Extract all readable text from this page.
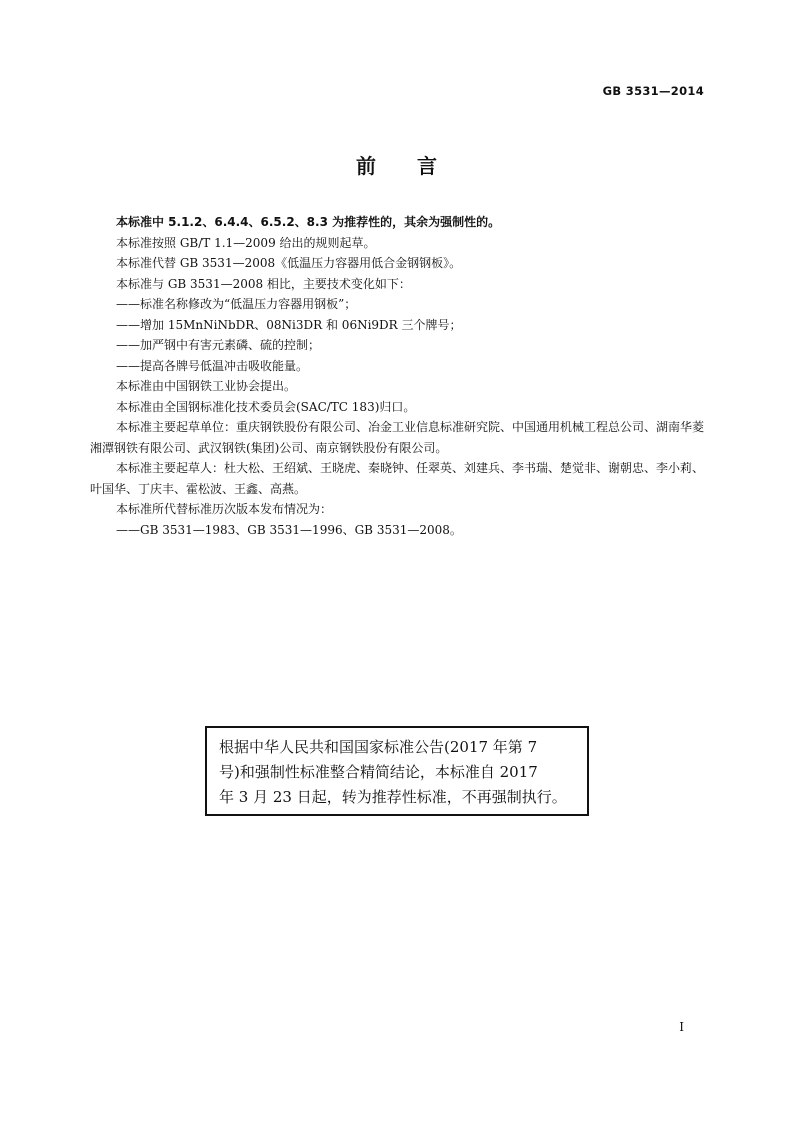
GB 3531—2014
前 言

本标准中 5.1.2、6.4.4、6.5.2、8.3 为推荐性的，其余为强制性的。

本标准按照 GB/T 1.1—2009 给出的规则起草。

本标准代替 GB 3531—2008《低温压力容器用低合金钢钢板》。

本标准与 GB 3531—2008 相比，主要技术变化如下：

——标准名称修改为“低温压力容器用钢板”；

——增加 15MnNiNbDR、08Ni3DR 和 06Ni9DR 三个牌号；

——加严钢中有害元素磷、硫的控制；

——提高各牌号低温冲击吸收能量。

本标准由中国钢铁工业协会提出。

本标准由全国钢标准化技术委员会(SAC/TC 183)归口。

本标准主要起草单位：重庆钢铁股份有限公司、冶金工业信息标准研究院、中国通用机械工程总公司、湖南华菱湘潭钢铁有限公司、武汉钢铁(集团)公司、南京钢铁股份有限公司。

本标准主要起草人：杜大松、王绍斌、王晓虎、秦晓钟、任翠英、刘建兵、李书瑞、楚觉非、谢朝忠、李小莉、叶国华、丁庆丰、霍松波、王鑫、高燕。

本标准所代替标准历次版本发布情况为：

——GB 3531—1983、GB 3531—1996、GB 3531—2008。

根据中华人民共和国国家标准公告(2017 年第 7
号)和强制性标准整合精简结论，本标准自 2017
年 3 月 23 日起，转为推荐性标准，不再强制执行。
I
